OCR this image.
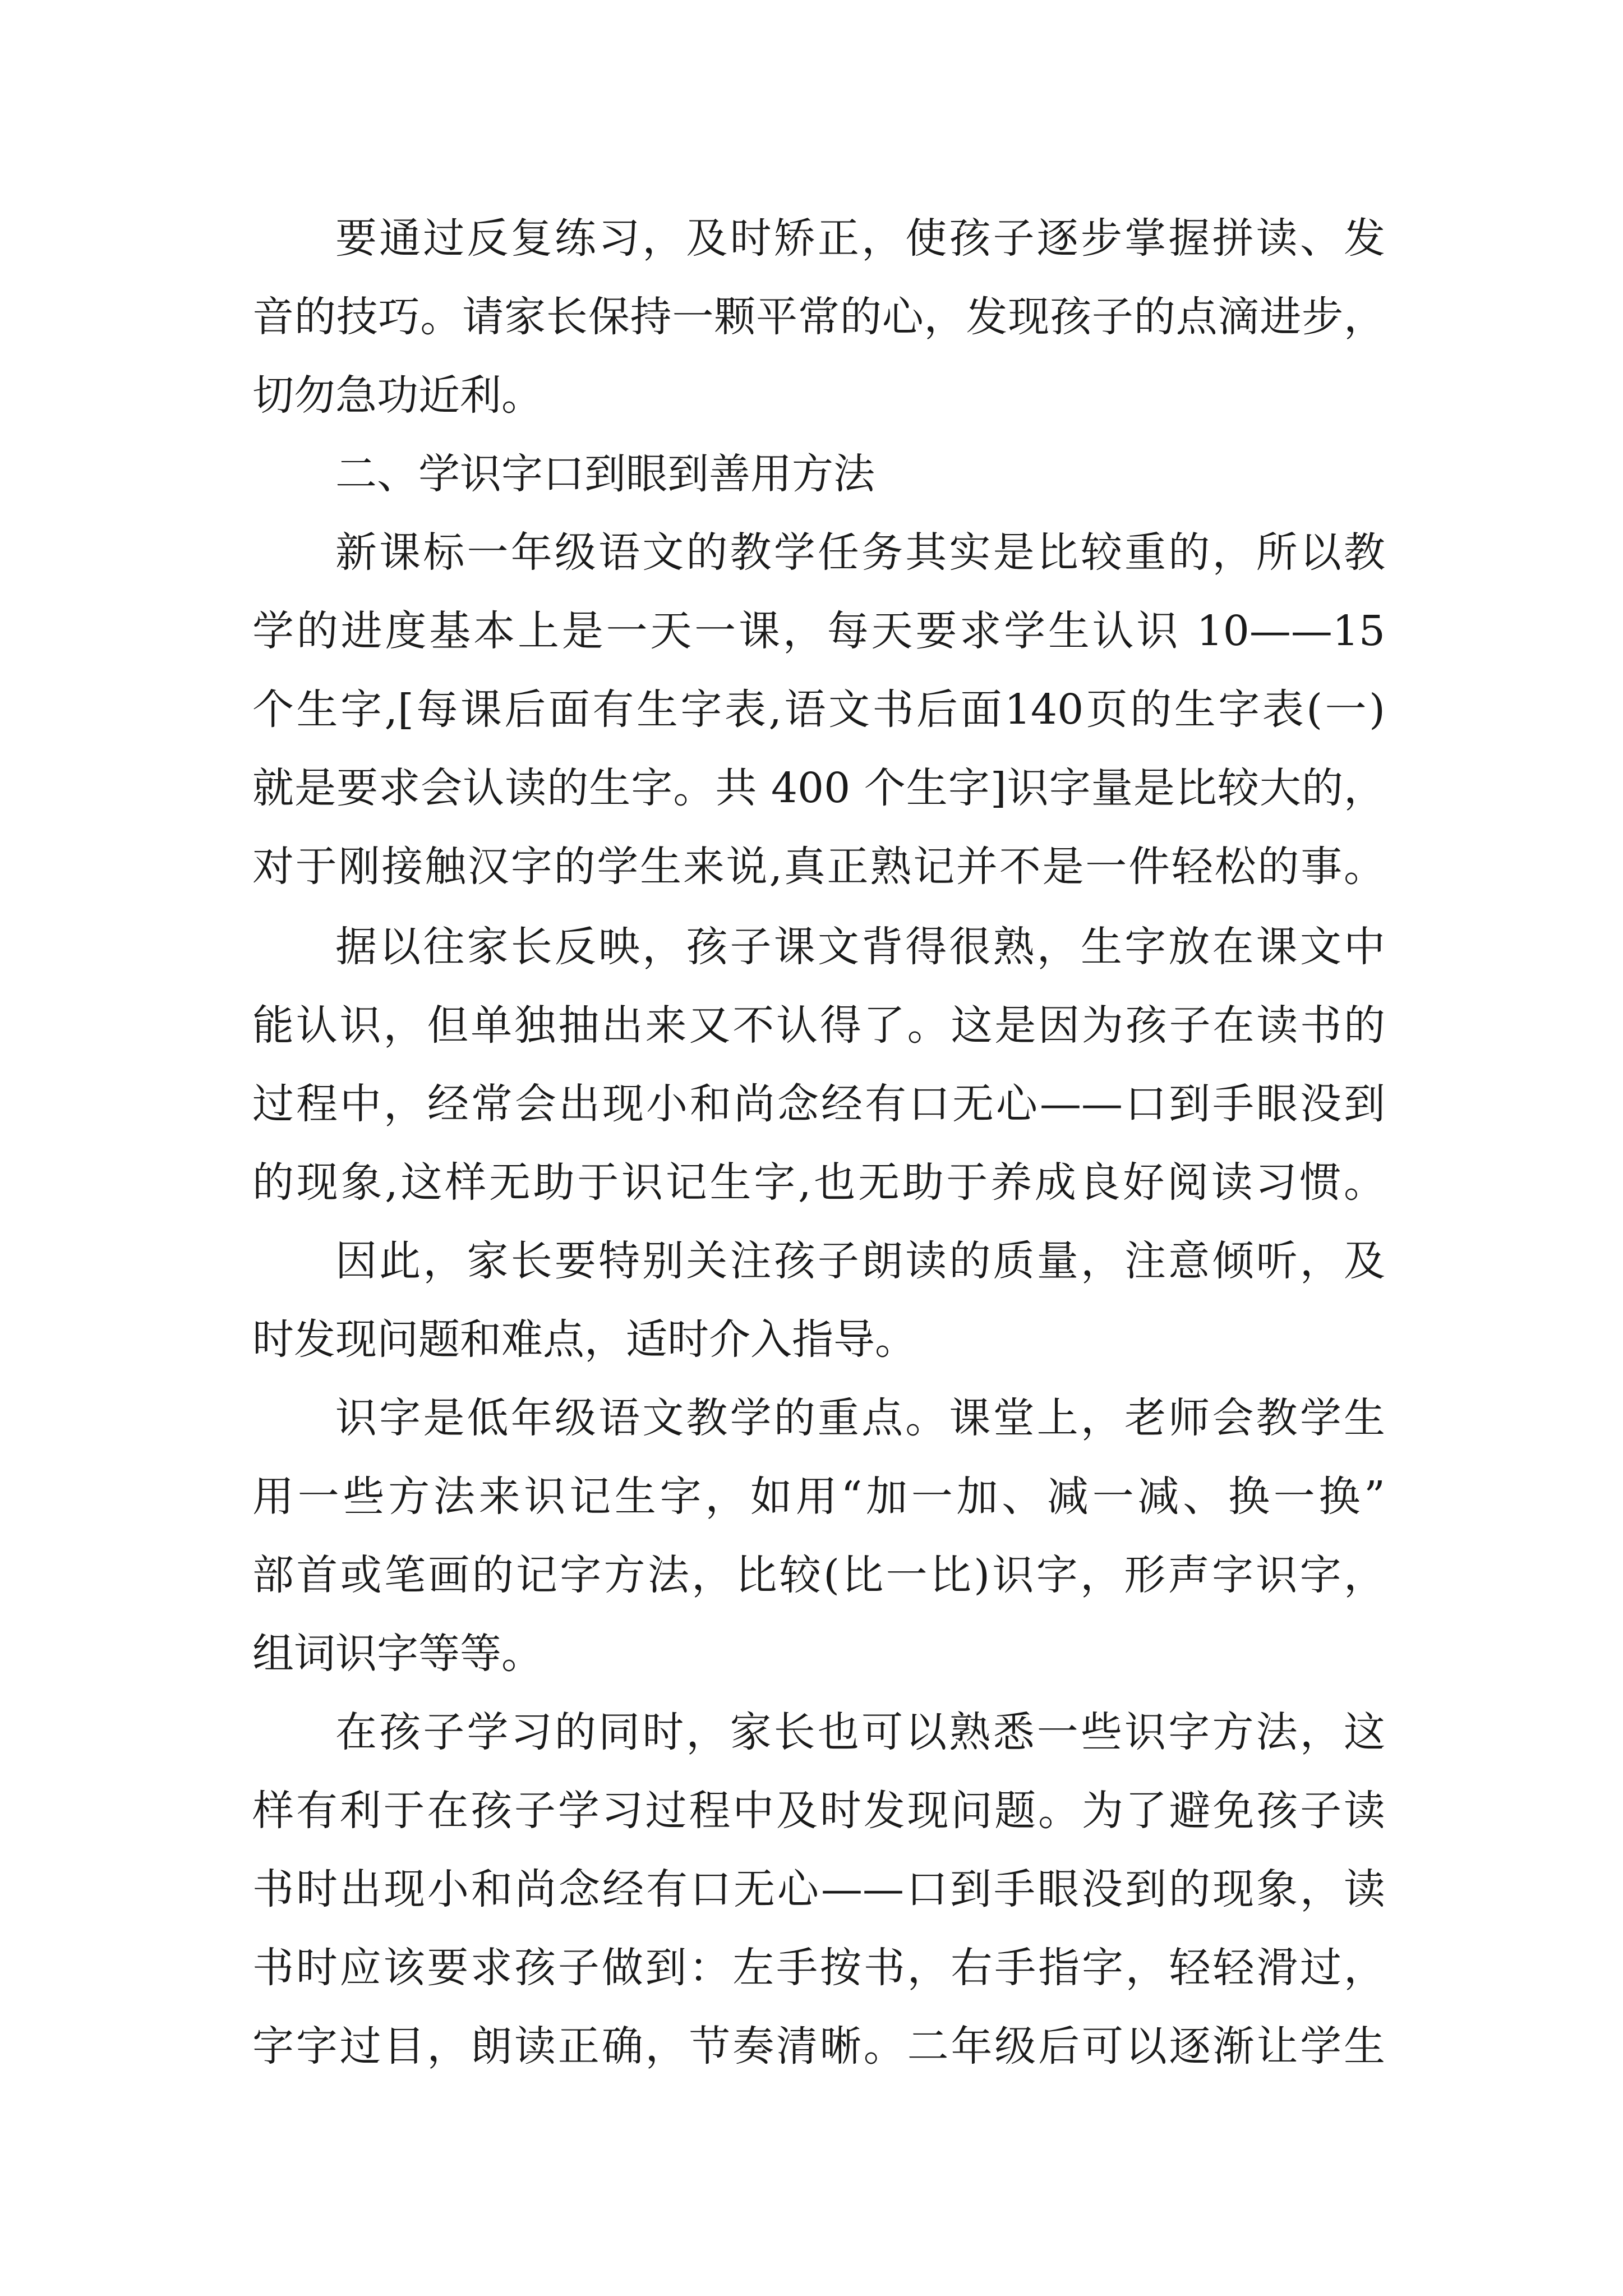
要通过反复练习，及时矫正，使孩子逐步掌握拼读、发
音的技巧。请家长保持一颗平常的心，发现孩子的点滴进步，
切勿急功近利。
二、学识字口到眼到善用方法
新课标一年级语文的教学任务其实是比较重的，所以教
学的进度基本上是一天一课，每天要求学生认识 10——15
个生字,[每课后面有生字表,语文书后面140页的生字表(一)
就是要求会认读的生字。共 400 个生字]识字量是比较大的，
对于刚接触汉字的学生来说,真正熟记并不是一件轻松的事。
据以往家长反映，孩子课文背得很熟，生字放在课文中
能认识，但单独抽出来又不认得了。这是因为孩子在读书的
过程中，经常会出现小和尚念经有口无心——口到手眼没到
的现象,这样无助于识记生字,也无助于养成良好阅读习惯。
因此，家长要特别关注孩子朗读的质量，注意倾听，及
时发现问题和难点，适时介入指导。
识字是低年级语文教学的重点。课堂上，老师会教学生
用一些方法来识记生字，如用“加一加、减一减、换一换”
部首或笔画的记字方法，比较(比一比)识字，形声字识字，
组词识字等等。
在孩子学习的同时，家长也可以熟悉一些识字方法，这
样有利于在孩子学习过程中及时发现问题。为了避免孩子读
书时出现小和尚念经有口无心——口到手眼没到的现象，读
书时应该要求孩子做到：左手按书，右手指字，轻轻滑过，
字字过目，朗读正确，节奏清晰。二年级后可以逐渐让学生
